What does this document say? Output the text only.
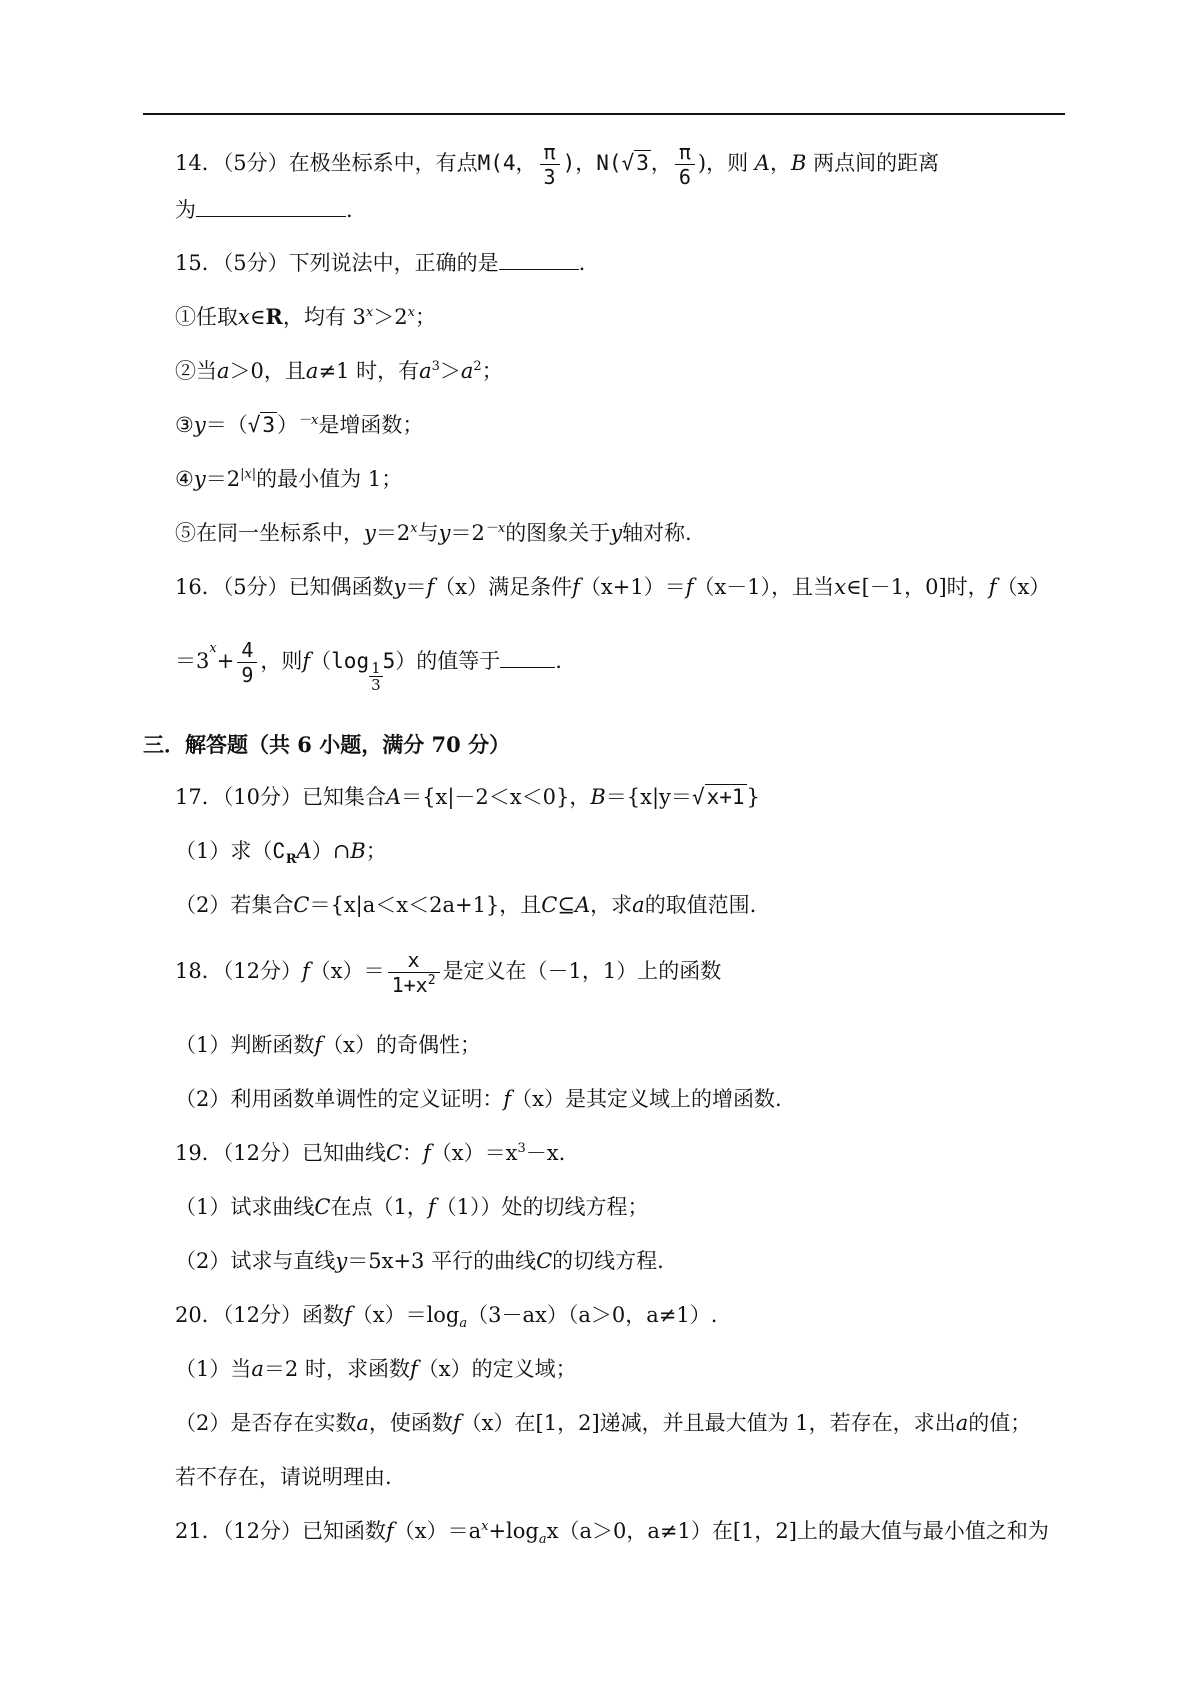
14．（5分）在极坐标系中，有点M(4， $\frac{\pi}{3}$ )，N(√3， $\frac{\pi}{6}$ )，则 A，B 两点间的距离
为	.
15．（5分）下列说法中，正确的是	.
①任取x∈R，均有 $3^x>2^x$；
②当a＞0，且a≠1 时，有$a^3>a^2$；
$③y=(√3)^{-x}$是增函数；
$④y=2^{|x|}$的最小值为 1；
⑤在同一坐标系中，$y=2^x$与$y=2^{-x}$的图象关于y轴对称.
16．（5分）已知偶函数y＝f（x）满足条件f（x+1）＝f（x－1），且当x∈[－1，0]时，f（x）
$=3^x+ \frac{4}{9}$ ，则$f(\log \frac{1}{3} 5)$的值等于	.
三．解答题（共 6 小题，满分 70 分）
17．（10分）已知集合A＝{x|－2＜x＜0}，B＝{x|y＝√x+1}
（1）求$(∁_RA)\cap B$；
（2）若集合C＝{x|a＜x＜2a+1}，且C⊆A，求a的取值范围.
18．（12分）$f(x)= \frac{x}{1+x^2}$ 是定义在（－1，1）上的函数
（1）判断函数f（x）的奇偶性；
（2）利用函数单调性的定义证明：f（x）是其定义域上的增函数.
19．（12分）已知曲线C：$f(x)=x^3-x$.
（1）试求曲线C在点（1，f（1））处的切线方程；
（2）试求与直线y＝5x+3 平行的曲线C的切线方程.
20．（12分）函数$f(x)=\log_a(3-ax)(a>0$，a≠1）.
（1）当a＝2 时，求函数f（x）的定义域；
（2）是否存在实数a，使函数f（x）在[1，2]递减，并且最大值为 1，若存在，求出a的值；
若不存在，请说明理由.
21．（12分）已知函数$f(x)=a^x+\log_ax(a>0$，a≠1）在[1，2]上的最大值与最小值之和为
